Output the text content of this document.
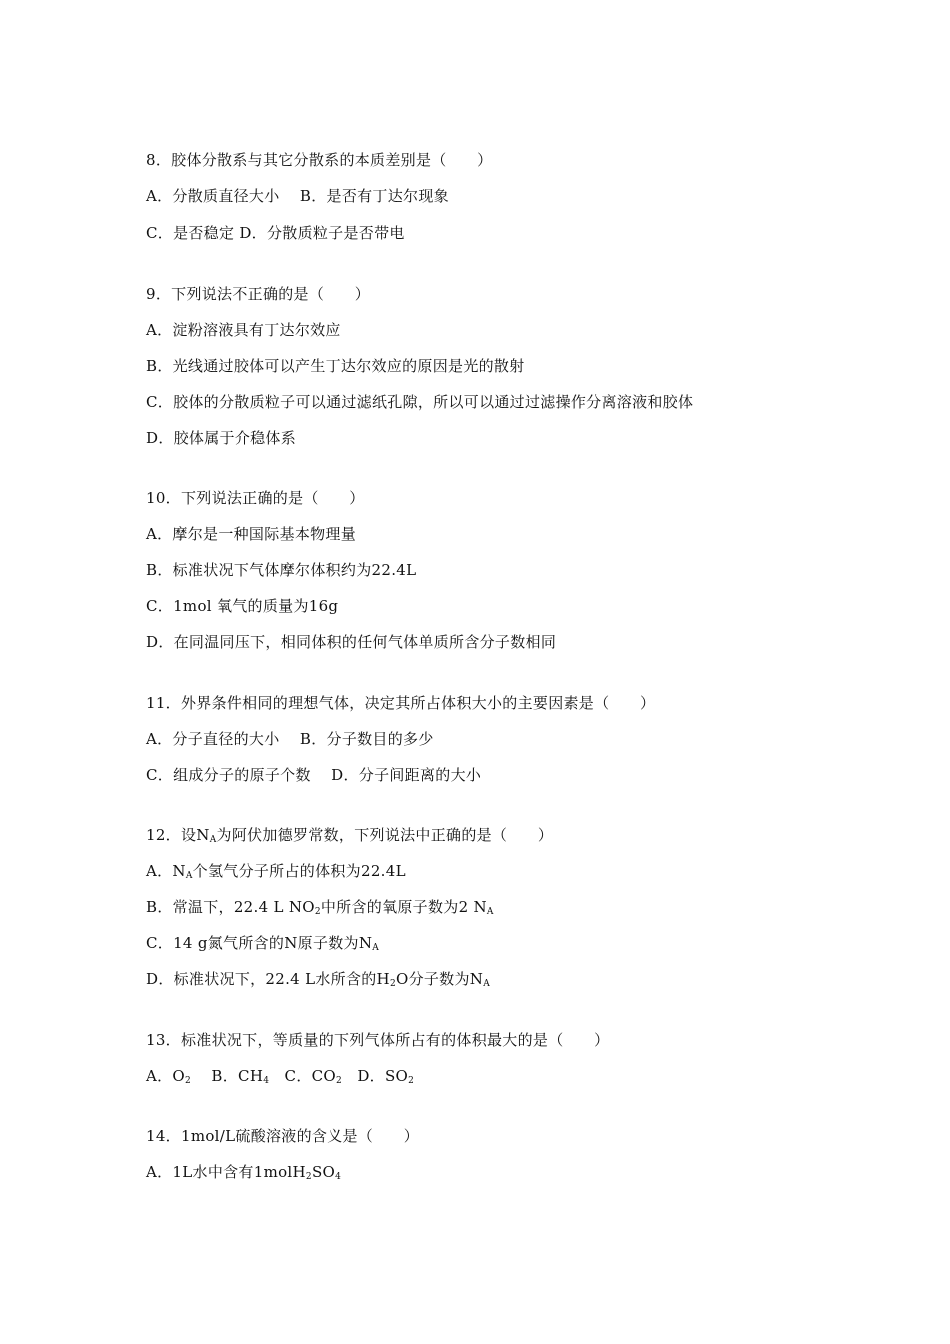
8．胶体分散系与其它分散系的本质差别是（　　）
A．分散质直径大小　 B．是否有丁达尔现象
C．是否稳定 D．分散质粒子是否带电
9．下列说法不正确的是（　　）
A．淀粉溶液具有丁达尔效应
B．光线通过胶体可以产生丁达尔效应的原因是光的散射
C．胶体的分散质粒子可以通过滤纸孔隙，所以可以通过过滤操作分离溶液和胶体
D．胶体属于介稳体系
10．下列说法正确的是（　　）
A．摩尔是一种国际基本物理量
B．标准状况下气体摩尔体积约为22.4L
C．1mol 氧气的质量为16g
D．在同温同压下，相同体积的任何气体单质所含分子数相同
11．外界条件相同的理想气体，决定其所占体积大小的主要因素是（　　）
A．分子直径的大小　 B．分子数目的多少
C．组成分子的原子个数　 D．分子间距离的大小
12．设$N_A$为阿伏加德罗常数，下列说法中正确的是（　　）
A．$N_A$个氢气分子所占的体积为22.4L
B．常温下，22.4 L $NO_2$中所含的氧原子数为2 $N_A$
C．14 g氮气所含的N原子数为$N_A$
D．标准状况下，22.4 L水所含的$H_2O$分子数为$N_A$
13．标准状况下，等质量的下列气体所占有的体积最大的是（　　）
A．$O_2$　 B．$CH_4$　C．$CO_2$　D．$SO_2$
14．1mol/L硫酸溶液的含义是（　　）
A．1L水中含有$1molH_2SO_4$
